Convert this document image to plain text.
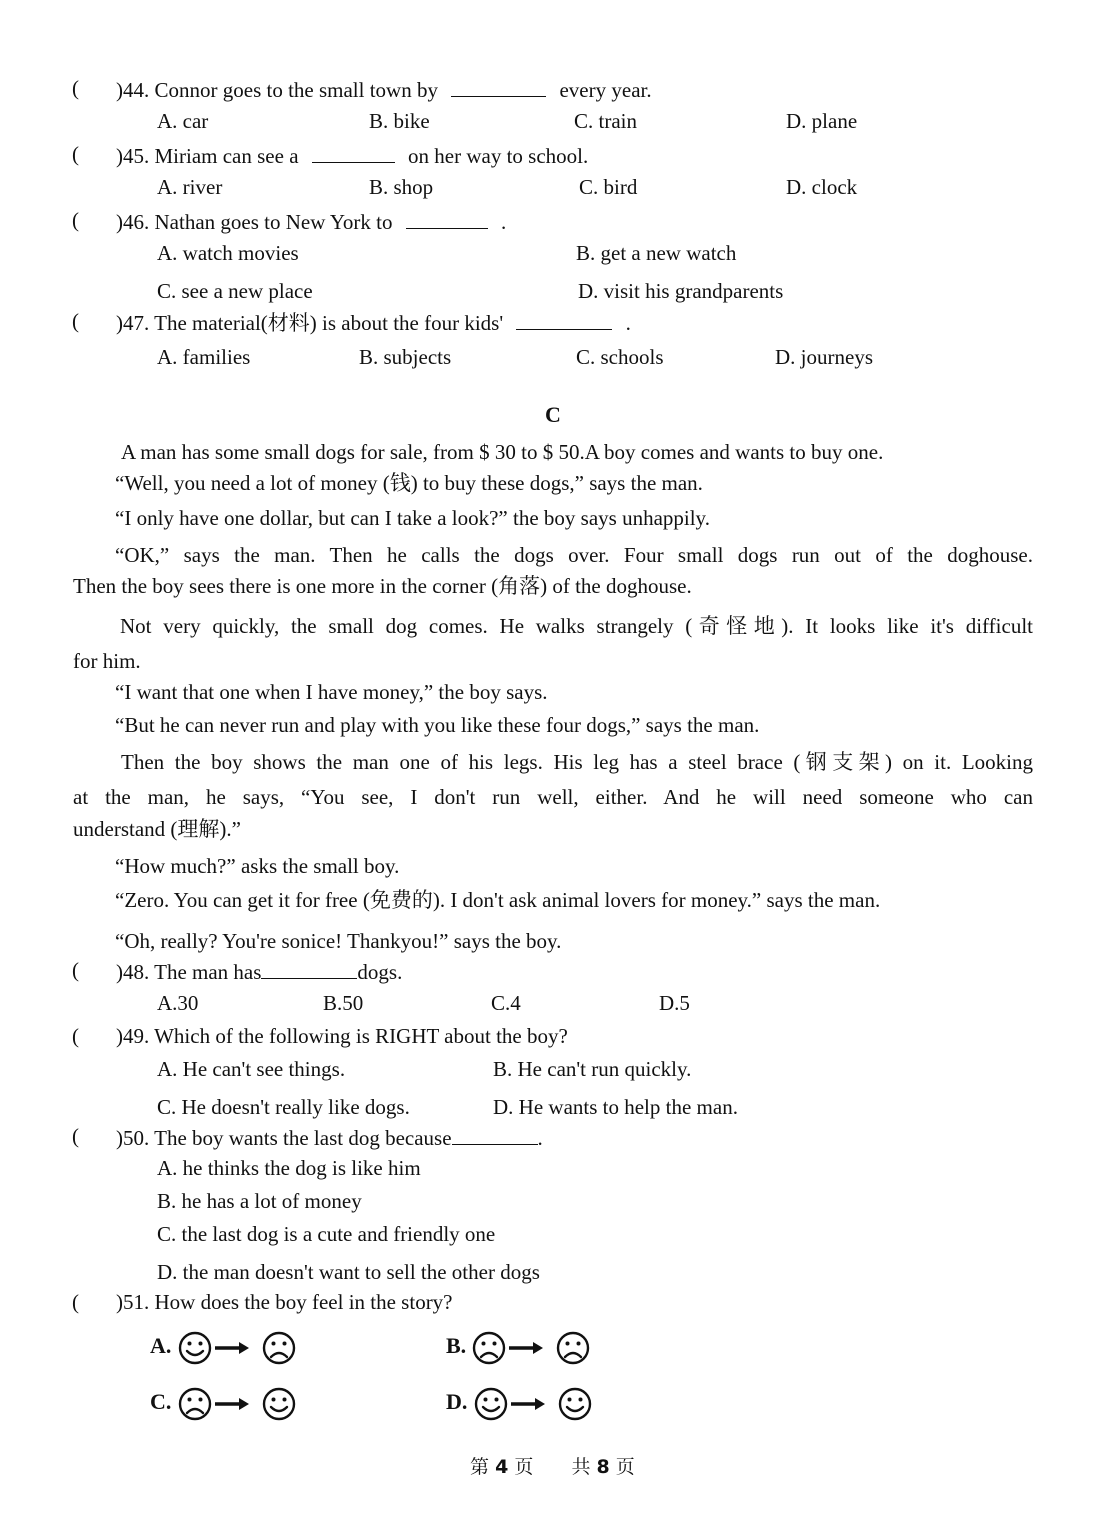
( )44. Connor goes to the small town by	every year.
A. car	B. bike	C. train	D. plane
( )45. Miriam can see a	on her way to school.
A. river	B. shop	C. bird	D. clock
( )46. Nathan goes to New York to	.
A. watch movies	B. get a new watch
C. see a new place	D. visit his grandparents
( )47. The material(材料) is about the four kids'	.
A. families	B. subjects	C. schools	D. journeys
C
A man has some small dogs for sale, from $ 30 to $ 50.A boy comes and wants to buy one.
“Well, you need a lot of money (钱) to buy these dogs,” says the man.
“I only have one dollar, but can I take a look?” the boy says unhappily.
“OK,” says the man. Then he calls the dogs over. Four small dogs run out of the doghouse.
Then the boy sees there is one more in the corner (角落) of the doghouse.
Not very quickly, the small dog comes. He walks strangely (奇怪地). It looks like it's difficult
for him.
“I want that one when I have money,” the boy says.
“But he can never run and play with you like these four dogs,” says the man.
Then the boy shows the man one of his legs. His leg has a steel brace (钢支架) on it. Looking
at the man, he says, “You see, I don't run well, either. And he will need someone who can
understand (理解).”
“How much?” asks the small boy.
“Zero. You can get it for free (免费的). I don't ask animal lovers for money.” says the man.
“Oh, really? You're sonice! Thankyou!” says the boy.
( )48. The man has	dogs.
A.30	B.50	C.4	D.5
( )49. Which of the following is RIGHT about the boy?
A. He can't see things.	B. He can't run quickly.
C. He doesn't really like dogs.	D. He wants to help the man.
( )50. The boy wants the last dog because	.
A. he thinks the dog is like him
B. he has a lot of money
C. the last dog is a cute and friendly one
D. the man doesn't want to sell the other dogs
( )51. How does the boy feel in the story?
A.	B.
C.	D.
第 4 页 共 8 页
